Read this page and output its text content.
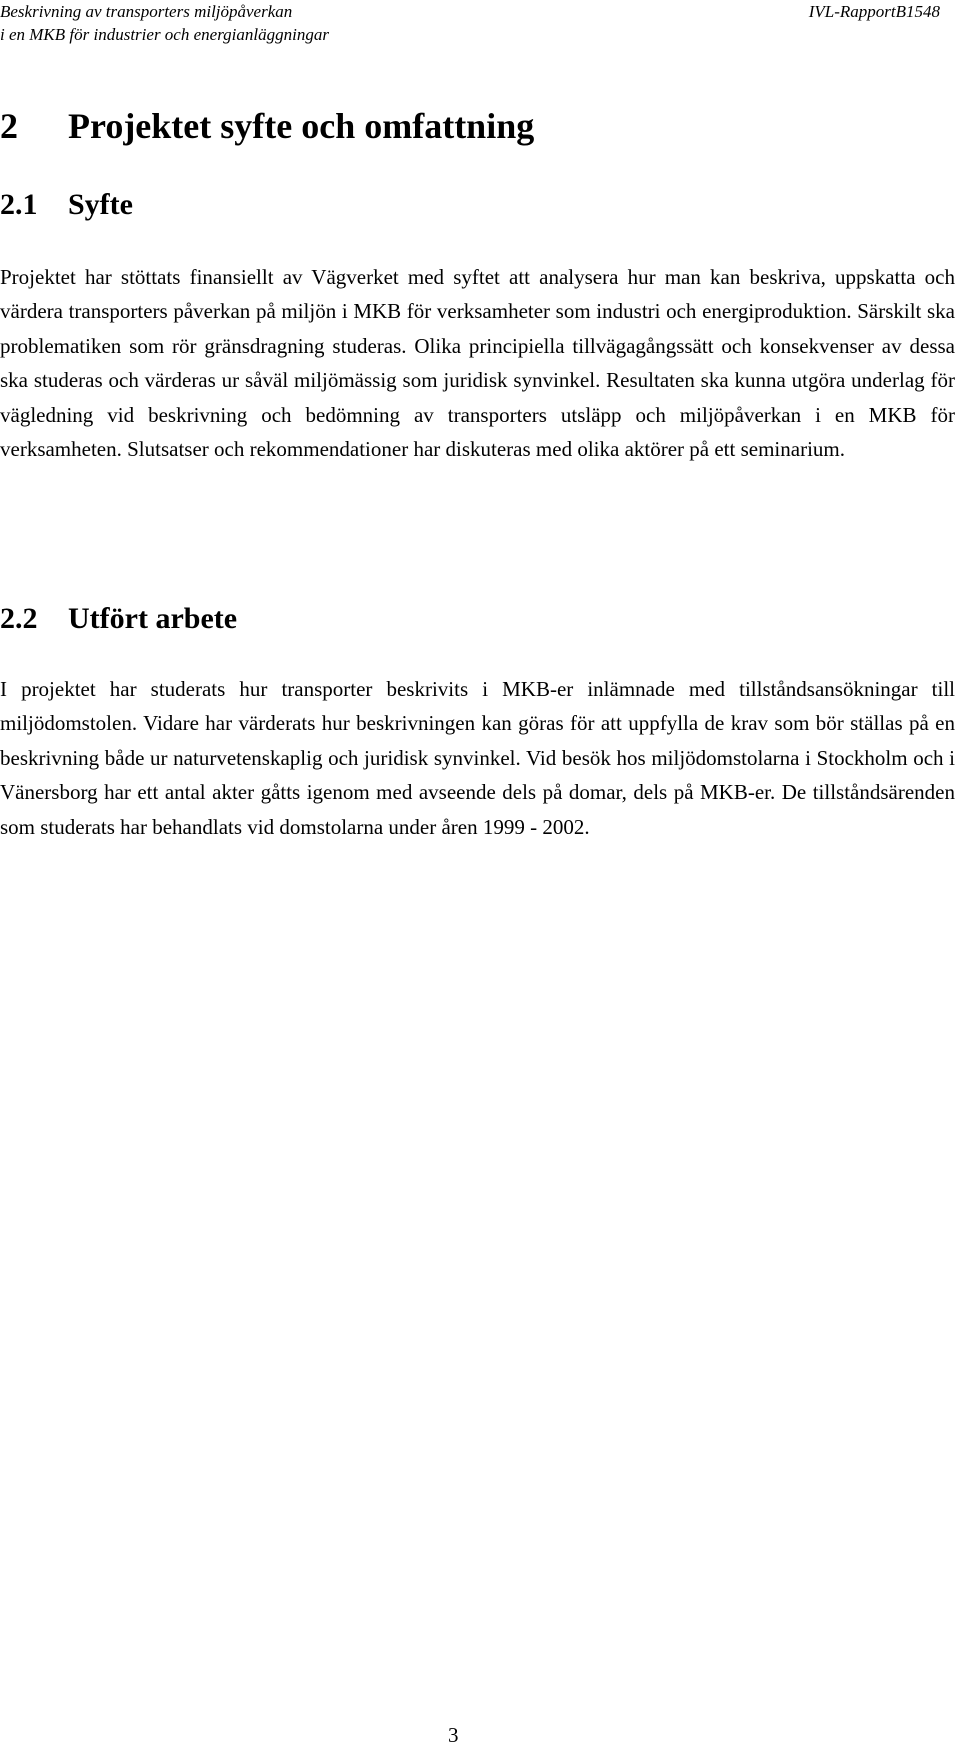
Beskrivning av transporters miljöpåverkan
i en MKB för industrier och energianläggningar
IVL-RapportB1548
2 Projektet syfte och omfattning
2.1 Syfte

Projektet har stöttats finansiellt av Vägverket med syftet att analysera hur man kan beskriva, uppskatta och värdera transporters påverkan på miljön i MKB för verksamheter som industri och energiproduktion. Särskilt ska problematiken som rör gränsdragning studeras. Olika principiella tillvägagångssätt och konsekvenser av dessa ska studeras och värderas ur såväl miljömässig som juridisk synvinkel. Resultaten ska kunna utgöra underlag för vägledning vid beskrivning och bedömning av transporters utsläpp och miljöpåverkan i en MKB för verksamheten. Slutsatser och rekommendationer har diskuteras med olika aktörer på ett seminarium.

2.2 Utfört arbete

I projektet har studerats hur transporter beskrivits i MKB-er inlämnade med tillståndsansökningar till miljödomstolen. Vidare har värderats hur beskrivningen kan göras för att uppfylla de krav som bör ställas på en beskrivning både ur naturvetenskaplig och juridisk synvinkel. Vid besök hos miljödomstolarna i Stockholm och i Vänersborg har ett antal akter gåtts igenom med avseende dels på domar, dels på MKB-er. De tillståndsärenden som studerats har behandlats vid domstolarna under åren 1999 - 2002.

3
